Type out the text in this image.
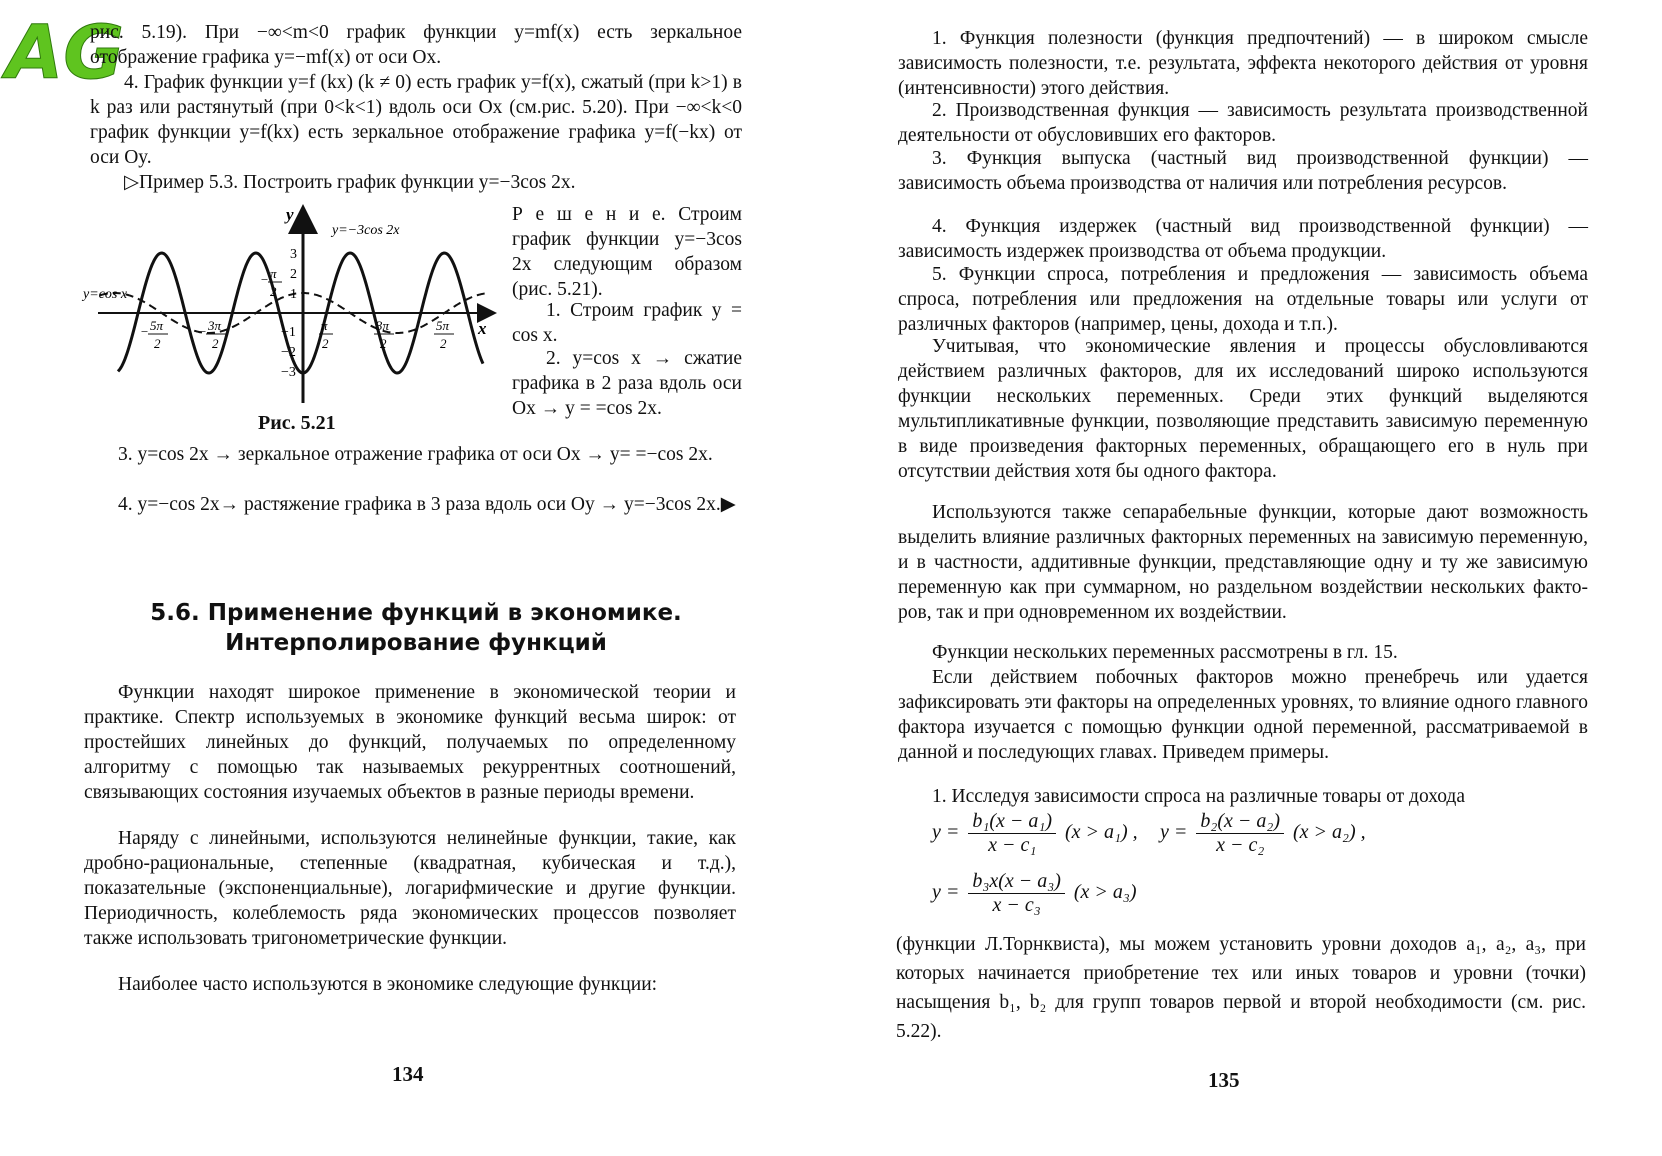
AG

рис. 5.19). При −∞<m<0 график функции y=mf(x) есть зеркальное отображение графика y=−mf(x) от оси Ox.

4. График функции y=f (kx) (k ≠ 0) есть график y=f(x), сжатый (при k>1) в k раз или растянутый (при 0<k<1) вдоль оси Ox (см.рис. 5.20). При −∞<k<0 график функции y=f(kx) есть зеркальное отображение графика y=f(−kx) от оси Oy.

▷Пример 5.3. Построить график функции y=−3cos 2x.

y
x
y=−3cos 2x
y=cos x
3
2
1
−1
−2
−3
− 5π
2
− 3π
2
− π
2
π
2
3π
2
5π
2
Рис. 5.21

Р е ш е н и е. Строим график функции y=−3cos 2x следующим образом (рис. 5.21).

1. Строим график y = cos x.

2. y=cos x → сжатие графика в 2 раза вдоль оси Ox → y = =cos 2x.

3. y=cos 2x → зеркальное отражение графика от оси Ox → y= =−cos 2x.

4. y=−cos 2x→ растяжение графика в 3 раза вдоль оси Oy → y=−3cos 2x.▶

5.6. Применение функций в экономике.
Интерполирование функций

Функции находят широкое применение в экономической теории и практике. Спектр используемых в экономике функций весьма широк: от простейших линейных до функций, получаемых по определенному алгоритму с помощью так называемых рекуррентных соотношений, связывающих состояния изучаемых объектов в разные периоды времени.

Наряду с линейными, используются нелинейные функции, такие, как дробно-рациональные, степенные (квадратная, кубическая и т.д.), показательные (экспоненциальные), логарифмические и другие функции. Периодичность, колеблемость ряда экономических процессов позволяет также использовать тригонометрические функции.

Наиболее часто используются в экономике следующие функции:

134

1. Функция полезности (функция предпочтений) — в широком смысле зависимость полезности, т.е. результата, эффекта некоторого действия от уровня (интенсивности) этого действия.

2. Производственная функция — зависимость результата производственной деятельности от обусловивших его факторов.

3. Функция выпуска (частный вид производственной функции) — зависимость объема производства от наличия или потребления ресурсов.

4. Функция издержек (частный вид производственной функции) — зависимость издержек производства от объема продукции.

5. Функции спроса, потребления и предложения — зависимость объема спроса, потребления или предложения на отдельные товары или услуги от различных факторов (например, цены, дохода и т.п.).

Учитывая, что экономические явления и процессы обусловливаются действием различных факторов, для их исследований широко используются функции нескольких переменных. Среди этих функций выделяются мультипликативные функции, позволяющие представить зависимую переменную в виде произведения факторных переменных, обращающего его в нуль при отсутствии действия хотя бы одного фактора.

Используются также сепарабельные функции, которые дают возможность выделить влияние различных факторных переменных на зависимую переменную, и в частности, аддитивные функции, представляющие одну и ту же зависимую переменную как при суммарном, но раздельном воздействии нескольких факторов, так и при одновременном их воздействии.

Функции нескольких переменных рассмотрены в гл. 15.

Если действием побочных факторов можно пренебречь или удается зафиксировать эти факторы на определенных уровнях, то влияние одного главного фактора изучается с помощью функции одной переменной, рассматриваемой в данной и последующих главах. Приведем примеры.

1. Исследуя зависимости спроса на различные товары от дохода

$y = \frac{\text{b₁(x − a₁)}}{\text{x − c₁}} (x > a_1)$ , $y = \frac{\text{b₂(x − a₂)}}{\text{x − c₂}} (x > a_2)$ ,
$y = \frac{\text{b₃x(x − a₃)}}{\text{x − c₃}} (x > a_3)$

(функции Л.Торнквиста), мы можем установить уровни доходов a₁, a₂, a₃, при которых начинается приобретение тех или иных товаров и уровни (точки) насыщения b₁, b₂ для групп товаров первой и второй необходимости (см. рис. 5.22).

135
